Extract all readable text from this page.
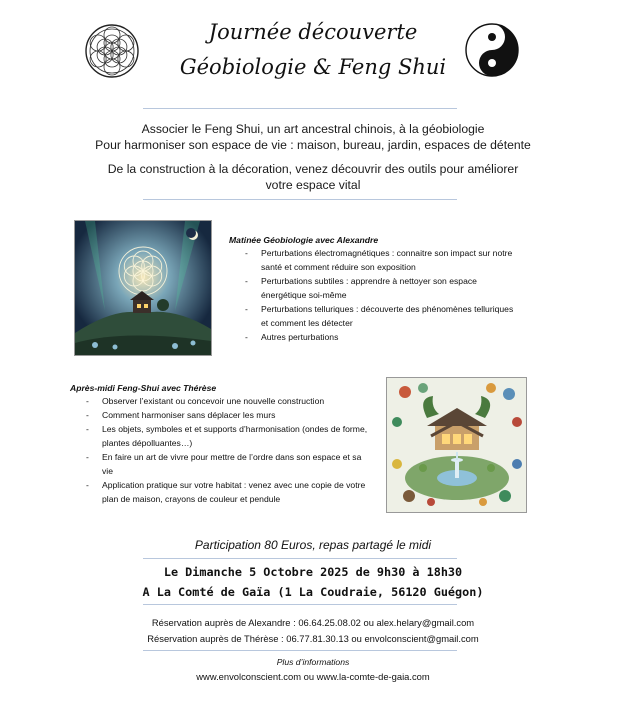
Journée découverte
Géobiologie & Feng Shui
Associer le Feng Shui, un art ancestral chinois, à la géobiologie
Pour harmoniser son espace de vie : maison, bureau, jardin, espaces de détente
De la construction à la décoration, venez découvrir des outils pour améliorer
votre espace vital
Matinée Géobiologie avec Alexandre
- Perturbations électromagnétiques : connaitre son impact sur notre santé et comment réduire son exposition
- Perturbations subtiles : apprendre à nettoyer son espace énergétique soi-même
- Perturbations telluriques : découverte des phénomènes telluriques et comment les détecter
- Autres perturbations
Après-midi Feng-Shui avec Thérèse
- Observer l’existant ou concevoir une nouvelle construction
- Comment harmoniser sans déplacer les murs
- Les objets, symboles et et supports d’harmonisation (ondes de forme, plantes dépolluantes…)
- En faire un art de vivre pour mettre de l’ordre dans son espace et sa vie
- Application pratique sur votre habitat : venez avec une copie de votre plan de maison, crayons de couleur et pendule
Participation 80 Euros, repas partagé le midi
Le Dimanche 5 Octobre 2025 de 9h30 à 18h30
A La Comté de Gaïa (1 La Coudraie, 56120 Guégon)
Réservation auprès de Alexandre : 06.64.25.08.02 ou alex.helary@gmail.com
Réservation auprès de Thérèse : 06.77.81.30.13 ou envolconscient@gmail.com
Plus d’informations
www.envolconscient.com ou www.la-comte-de-gaia.com
